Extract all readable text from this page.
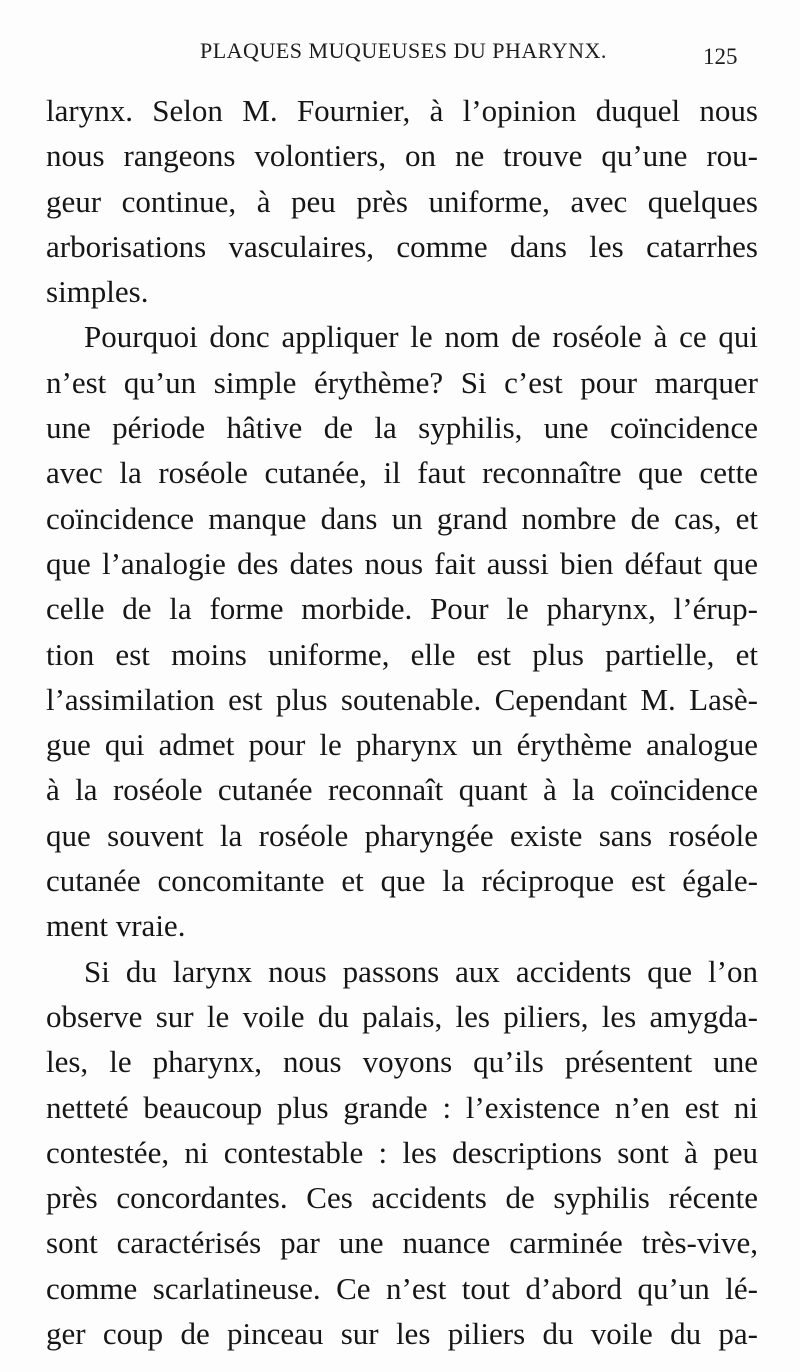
PLAQUES MUQUEUSES DU PHARYNX.	125
larynx. Selon M. Fournier, à l’opinion duquel nous
nous rangeons volontiers, on ne trouve qu’une rou-
geur continue, à peu près uniforme, avec quelques
arborisations vasculaires, comme dans les catarrhes
simples.
Pourquoi donc appliquer le nom de roséole à ce qui
n’est qu’un simple érythème? Si c’est pour marquer
une période hâtive de la syphilis, une coïncidence
avec la roséole cutanée, il faut reconnaître que cette
coïncidence manque dans un grand nombre de cas, et
que l’analogie des dates nous fait aussi bien défaut que
celle de la forme morbide. Pour le pharynx, l’érup-
tion est moins uniforme, elle est plus partielle, et
l’assimilation est plus soutenable. Cependant M. Lasè-
gue qui admet pour le pharynx un érythème analogue
à la roséole cutanée reconnaît quant à la coïncidence
que souvent la roséole pharyngée existe sans roséole
cutanée concomitante et que la réciproque est égale-
ment vraie.
Si du larynx nous passons aux accidents que l’on
observe sur le voile du palais, les piliers, les amygda-
les, le pharynx, nous voyons qu’ils présentent une
netteté beaucoup plus grande : l’existence n’en est ni
contestée, ni contestable : les descriptions sont à peu
près concordantes. Ces accidents de syphilis récente
sont caractérisés par une nuance carminée très-vive,
comme scarlatineuse. Ce n’est tout d’abord qu’un lé-
ger coup de pinceau sur les piliers du voile du pa-
